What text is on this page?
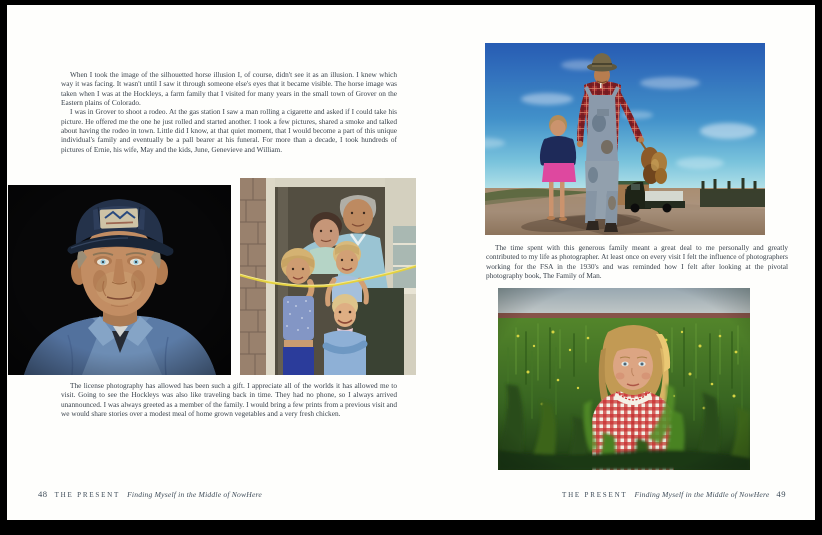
When I took the image of the silhouetted horse illusion I, of course, didn't see it as an illusion. I knew which way it was facing. It wasn't until I saw it through someone else's eyes that it became visible. The horse image was taken when I was at the Hockleys, a farm family that I visited for many years in the small town of Grover on the Eastern plains of Colorado.

I was in Grover to shoot a rodeo. At the gas station I saw a man rolling a cigarette and asked if I could take his picture. He offered me the one he just rolled and started another. I took a few pictures, shared a smoke and talked about having the rodeo in town. Little did I know, at that quiet moment, that I would become a part of this unique individual's family and eventually be a pall bearer at his funeral. For more than a decade, I took hundreds of pictures of Ernie, his wife, May and the kids, June, Genevieve and William.

The license photography has allowed has been such a gift. I appreciate all of the worlds it has allowed me to visit. Going to see the Hockleys was also like traveling back in time. They had no phone, so I always arrived unannounced. I was always greeted as a member of the family. I would bring a few prints from a previous visit and we would share stories over a modest meal of home grown vegetables and a very fresh chicken.

48 THE PRESENT Finding Myself in the Middle of NowHere

The time spent with this generous family meant a great deal to me personally and greatly contributed to my life as photographer. At least once on every visit I felt the influence of photographers working for the FSA in the 1930's and was reminded how I felt after looking at the pivotal photography book, The Family of Man.

THE PRESENT Finding Myself in the Middle of NowHere 49
